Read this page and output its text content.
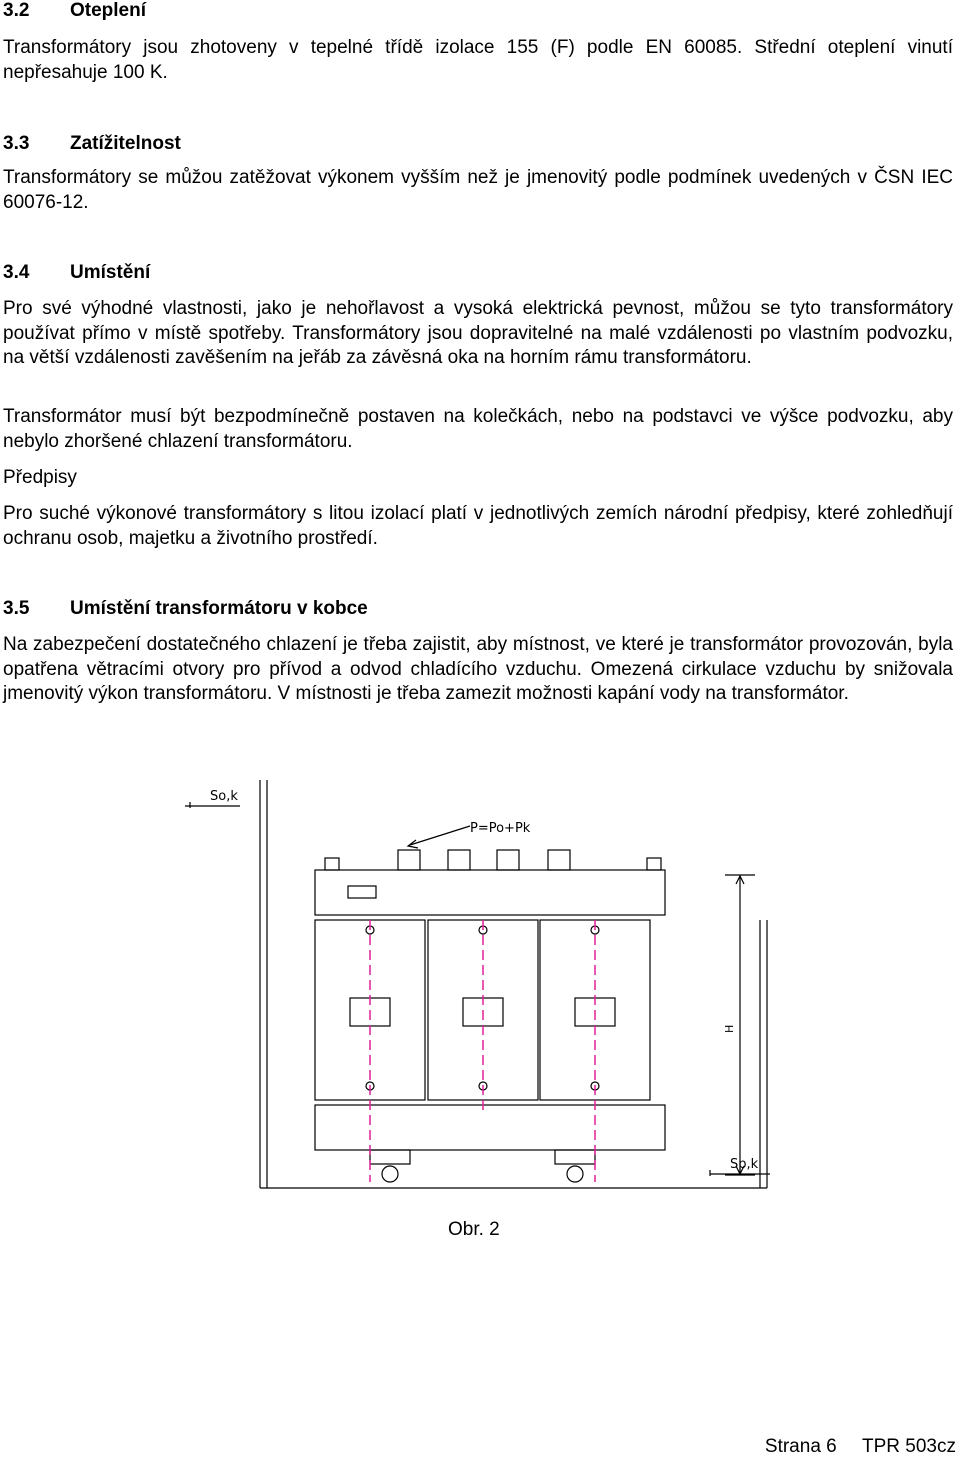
3.2 Oteplení
Transformátory jsou zhotoveny v tepelné třídě izolace 155 (F) podle EN 60085. Střední oteplení vinutí nepřesahuje 100 K.
3.3 Zatížitelnost
Transformátory se můžou zatěžovat výkonem vyšším než je jmenovitý podle podmínek uvedených v ČSN IEC 60076-12.
3.4 Umístění
Pro své výhodné vlastnosti, jako je nehořlavost a vysoká elektrická pevnost, můžou se tyto transformátory používat přímo v místě spotřeby. Transformátory jsou dopravitelné na malé vzdálenosti po vlastním podvozku, na větší vzdálenosti zavěšením na jeřáb za závěsná oka na horním rámu transformátoru.
Transformátor musí být bezpodmínečně postaven na kolečkách, nebo na podstavci ve výšce podvozku, aby nebylo zhoršené chlazení transformátoru.
Předpisy
Pro suché výkonové transformátory s litou izolací platí v jednotlivých zemích národní předpisy, které zohledňují ochranu osob, majetku a životního prostředí.
3.5 Umístění transformátoru v kobce
Na zabezpečení dostatečného chlazení je třeba zajistit, aby místnost, ve které je transformátor provozován, byla opatřena větracími otvory pro přívod a odvod chladícího vzduchu. Omezená cirkulace vzduchu by snižovala jmenovitý výkon transformátoru. V místnosti je třeba zamezit možnosti kapání vody na transformátor.
So,k
P=Po+Pk
H
Sp,k
Obr. 2
Strana 6 TPR 503cz
